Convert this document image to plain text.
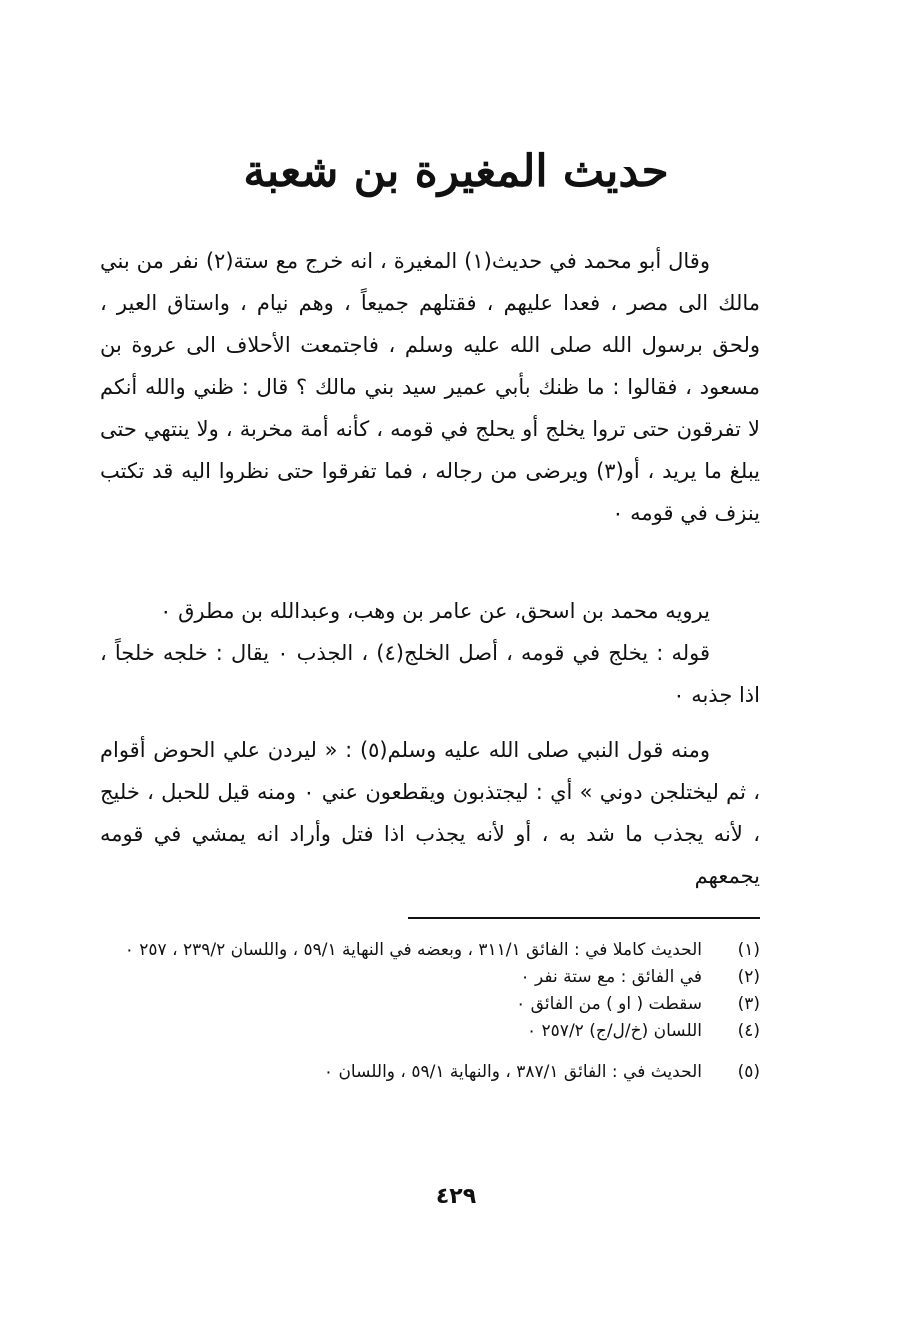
حديث المغيرة بن شعبة

وقال أبو محمد في حديث(١) المغيرة ، انه خرج مع ستة(٢) نفر من بني مالك الى مصر ، فعدا عليهم ، فقتلهم جميعاً ، وهم نيام ، واستاق العير ، ولحق برسول الله صلى الله عليه وسلم ، فاجتمعت الأحلاف الى عروة بن مسعود ، فقالوا : ما ظنك بأبي عمير سيد بني مالك ؟ قال : ظني والله أنكم لا تفرقون حتى تروا يخلج أو يحلج في قومه ، كأنه أمة مخربة ، ولا ينتهي حتى يبلغ ما يريد ، أو(٣) ويرضى من رجاله ، فما تفرقوا حتى نظروا اليه قد تكتب ينزف في قومه ٠

يرويه محمد بن اسحق، عن عامر بن وهب، وعبدالله بن مطرق ٠

قوله : يخلج في قومه ، أصل الخلج(٤) ، الجذب ٠ يقال : خلجه خلجاً ، اذا جذبه ٠

ومنه قول النبي صلى الله عليه وسلم(٥) : « ليردن علي الحوض أقوام ، ثم ليختلجن دوني » أي : ليجتذبون ويقطعون عني ٠ ومنه قيل للحبل ، خليج ، لأنه يجذب ما شد به ، أو لأنه يجذب اذا فتل وأراد انه يمشي في قومه يجمعهم

(١)
الحديث كاملا في : الفائق ٣١١/١ ، وبعضه في النهاية ٥٩/١ ، واللسان ٢٣٩/٢ ، ٢٥٧ ٠
(٢)
في الفائق : مع ستة نفر ٠
(٣)
سقطت ( او ) من الفائق ٠
(٤)
اللسان (خ/ل/ج) ٢٥٧/٢ ٠
(٥)
الحديث في : الفائق ٣٨٧/١ ، والنهاية ٥٩/١ ، واللسان ٠
٤٢٩
